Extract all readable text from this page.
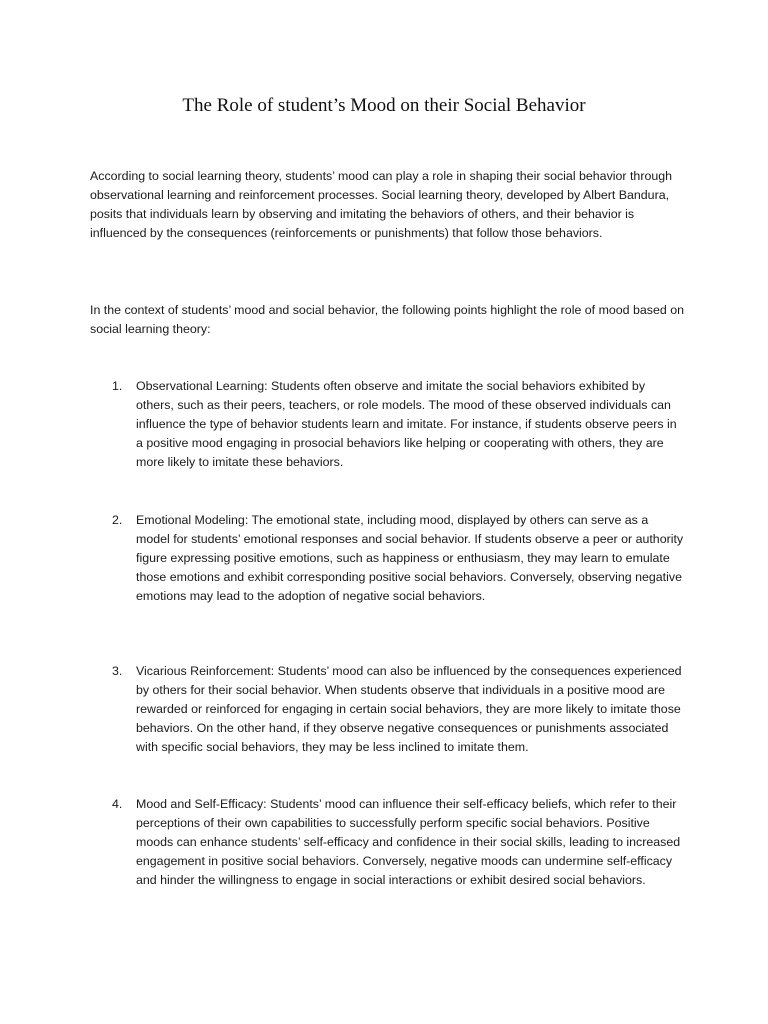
The Role of student’s Mood on their Social Behavior

According to social learning theory, students’ mood can play a role in shaping their social behavior through observational learning and reinforcement processes. Social learning theory, developed by Albert Bandura, posits that individuals learn by observing and imitating the behaviors of others, and their behavior is influenced by the consequences (reinforcements or punishments) that follow those behaviors.

In the context of students’ mood and social behavior, the following points highlight the role of mood based on social learning theory:

1.	Observational Learning: Students often observe and imitate the social behaviors exhibited by others, such as their peers, teachers, or role models. The mood of these observed individuals can influence the type of behavior students learn and imitate. For instance, if students observe peers in a positive mood engaging in prosocial behaviors like helping or cooperating with others, they are more likely to imitate these behaviors.

2.	Emotional Modeling: The emotional state, including mood, displayed by others can serve as a model for students’ emotional responses and social behavior. If students observe a peer or authority figure expressing positive emotions, such as happiness or enthusiasm, they may learn to emulate those emotions and exhibit corresponding positive social behaviors. Conversely, observing negative emotions may lead to the adoption of negative social behaviors.

3.	Vicarious Reinforcement: Students’ mood can also be influenced by the consequences experienced by others for their social behavior. When students observe that individuals in a positive mood are rewarded or reinforced for engaging in certain social behaviors, they are more likely to imitate those behaviors. On the other hand, if they observe negative consequences or punishments associated with specific social behaviors, they may be less inclined to imitate them.

4.	Mood and Self-Efficacy: Students’ mood can influence their self-efficacy beliefs, which refer to their perceptions of their own capabilities to successfully perform specific social behaviors. Positive moods can enhance students’ self-efficacy and confidence in their social skills, leading to increased engagement in positive social behaviors. Conversely, negative moods can undermine self-efficacy and hinder the willingness to engage in social interactions or exhibit desired social behaviors.
